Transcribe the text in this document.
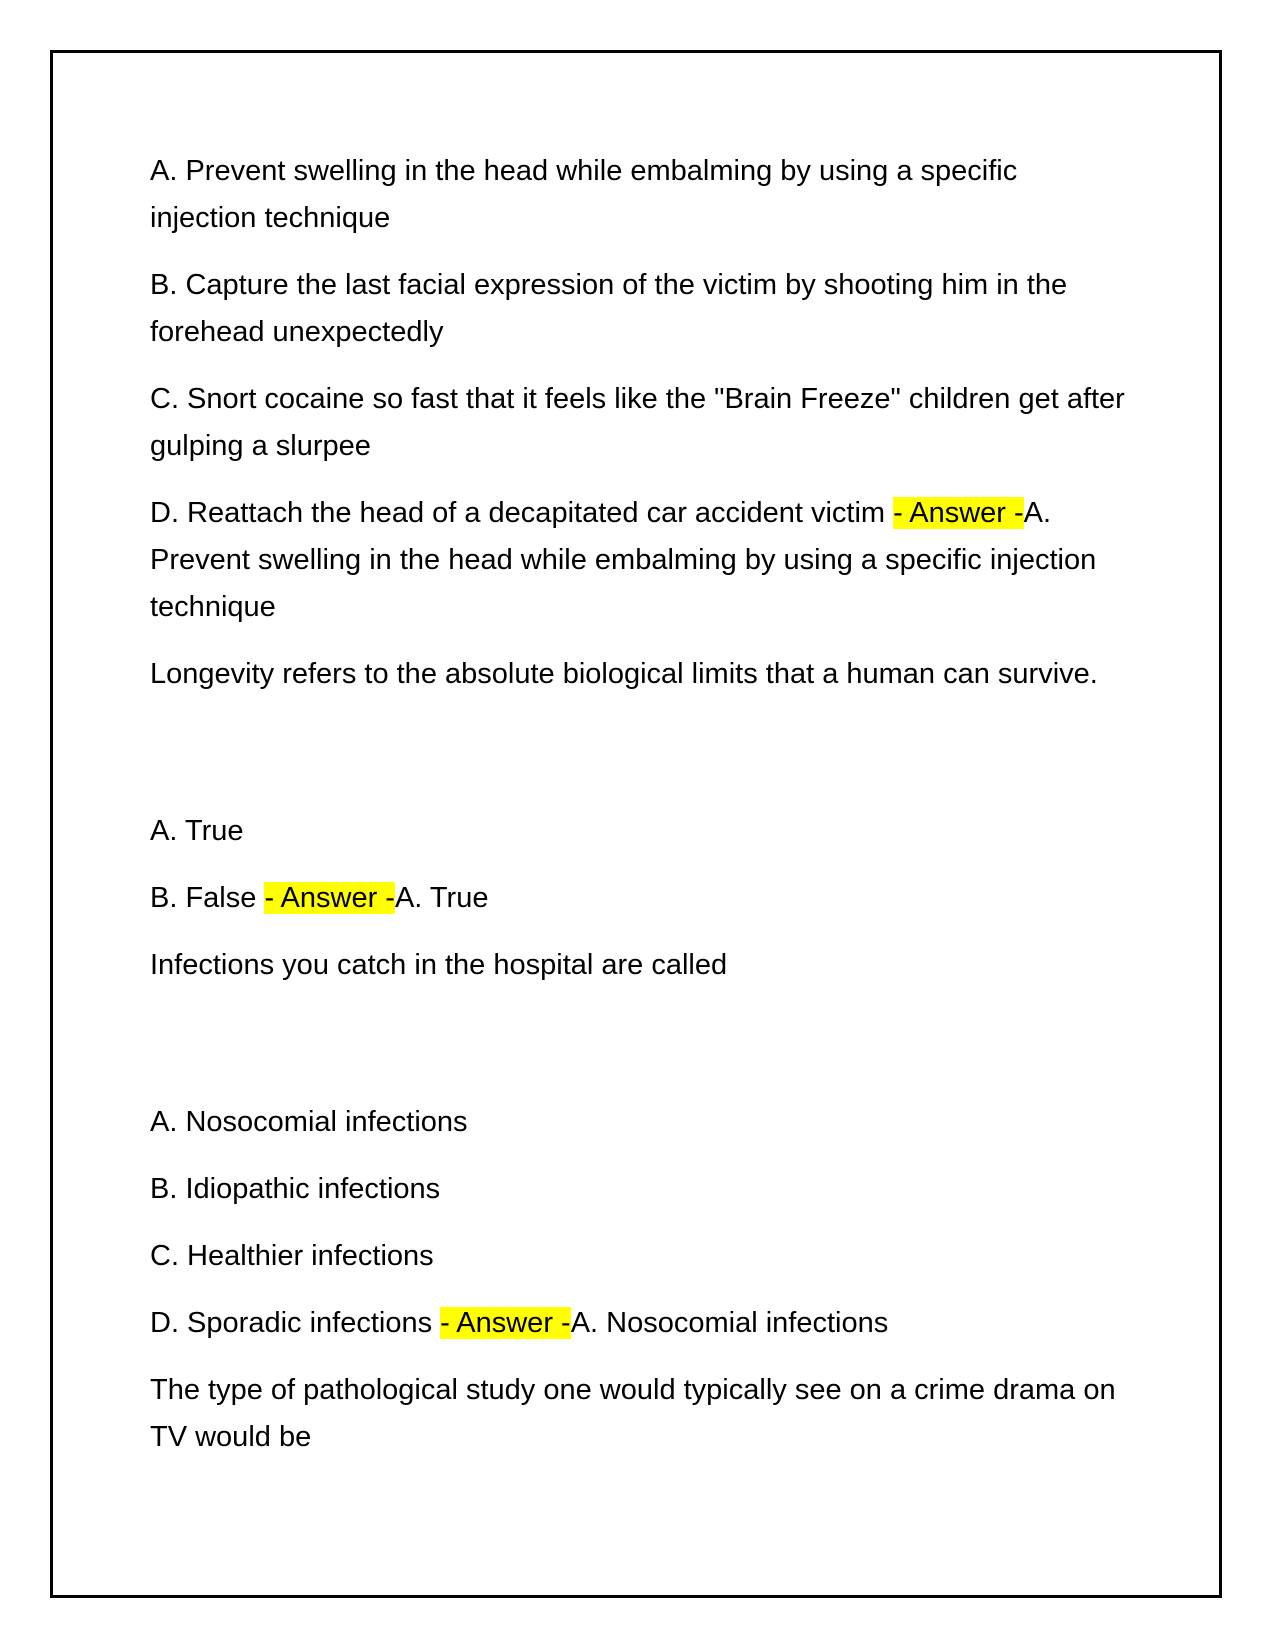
A. Prevent swelling in the head while embalming by using a specific injection technique

B. Capture the last facial expression of the victim by shooting him in the forehead unexpectedly

C. Snort cocaine so fast that it feels like the "Brain Freeze" children get after gulping a slurpee

D. Reattach the head of a decapitated car accident victim - Answer -A. Prevent swelling in the head while embalming by using a specific injection technique

Longevity refers to the absolute biological limits that a human can survive.

A. True

B. False - Answer -A. True

Infections you catch in the hospital are called

A. Nosocomial infections

B. Idiopathic infections

C. Healthier infections

D. Sporadic infections - Answer -A. Nosocomial infections

The type of pathological study one would typically see on a crime drama on TV would be
